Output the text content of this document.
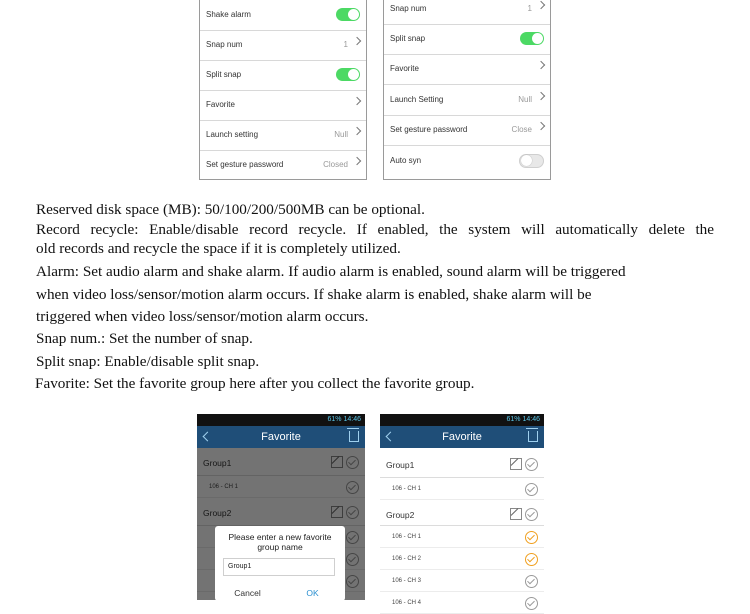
Shake alarm
Snap num	1
Split snap
Favorite
Launch setting	Null
Set gesture password	Closed
Snap num	1
Split snap
Favorite
Launch Setting	Null
Set gesture password	Close
Auto syn
Reserved disk space (MB): 50/100/200/500MB can be optional.
Record recycle: Enable/disable record recycle. If enabled, the system will automatically delete the
old records and recycle the space if it is completely utilized.
Alarm: Set audio alarm and shake alarm. If audio alarm is enabled, sound alarm will be triggered
when video loss/sensor/motion alarm occurs. If shake alarm is enabled, shake alarm will be
triggered when video loss/sensor/motion alarm occurs.
Snap num.: Set the number of snap.
Split snap: Enable/disable split snap.
Favorite: Set the favorite group here after you collect the favorite group.
61% 14:46
Favorite
Please enter a new favorite group name
Group1
Cancel	OK
61% 14:46
Favorite
Group1
106 - CH 1
Group2
106 - CH 1
106 - CH 2
106 - CH 3
106 - CH 4
